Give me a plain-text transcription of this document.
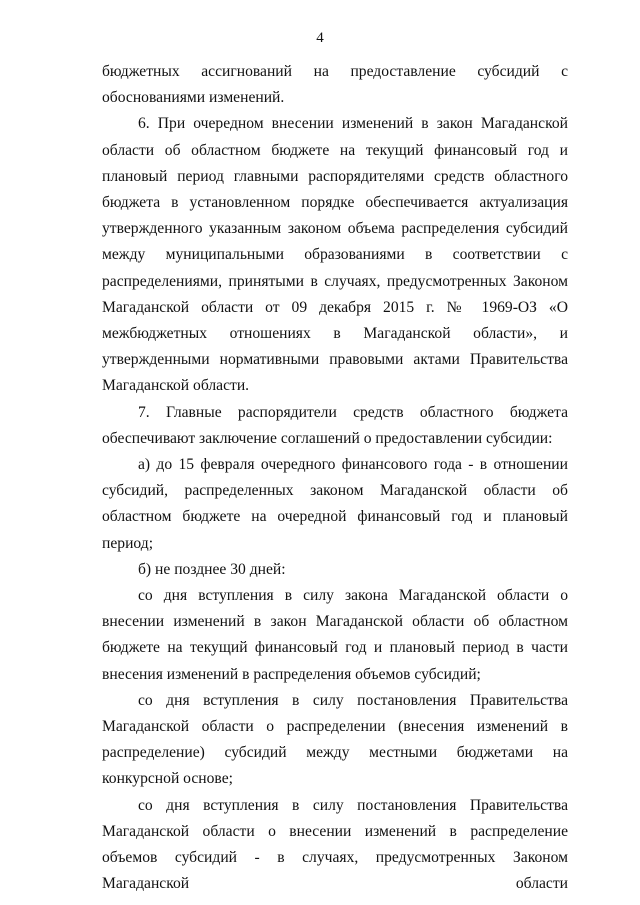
4

бюджетных ассигнований на предоставление субсидий с обоснованиями изменений.

6. При очередном внесении изменений в закон Магаданской области об областном бюджете на текущий финансовый год и плановый период главными распорядителями средств областного бюджета в установленном порядке обеспечивается актуализация утвержденного указанным законом объема распределения субсидий между муниципальными образованиями в соответствии с распределениями, принятыми в случаях, предусмотренных Законом Магаданской области от 09 декабря 2015 г. № 1969-ОЗ «О межбюджетных отношениях в Магаданской области», и утвержденными нормативными правовыми актами Правительства Магаданской области.

7. Главные распорядители средств областного бюджета обеспечивают заключение соглашений о предоставлении субсидии:

а) до 15 февраля очередного финансового года - в отношении субсидий, распределенных законом Магаданской области об областном бюджете на очередной финансовый год и плановый период;

б) не позднее 30 дней:

со дня вступления в силу закона Магаданской области о внесении изменений в закон Магаданской области об областном бюджете на текущий финансовый год и плановый период в части внесения изменений в распределения объемов субсидий;

со дня вступления в силу постановления Правительства Магаданской области о распределении (внесения изменений в распределение) субсидий между местными бюджетами на конкурсной основе;

со дня вступления в силу постановления Правительства Магаданской области о внесении изменений в распределение объемов субсидий - в случаях, предусмотренных Законом Магаданской области
